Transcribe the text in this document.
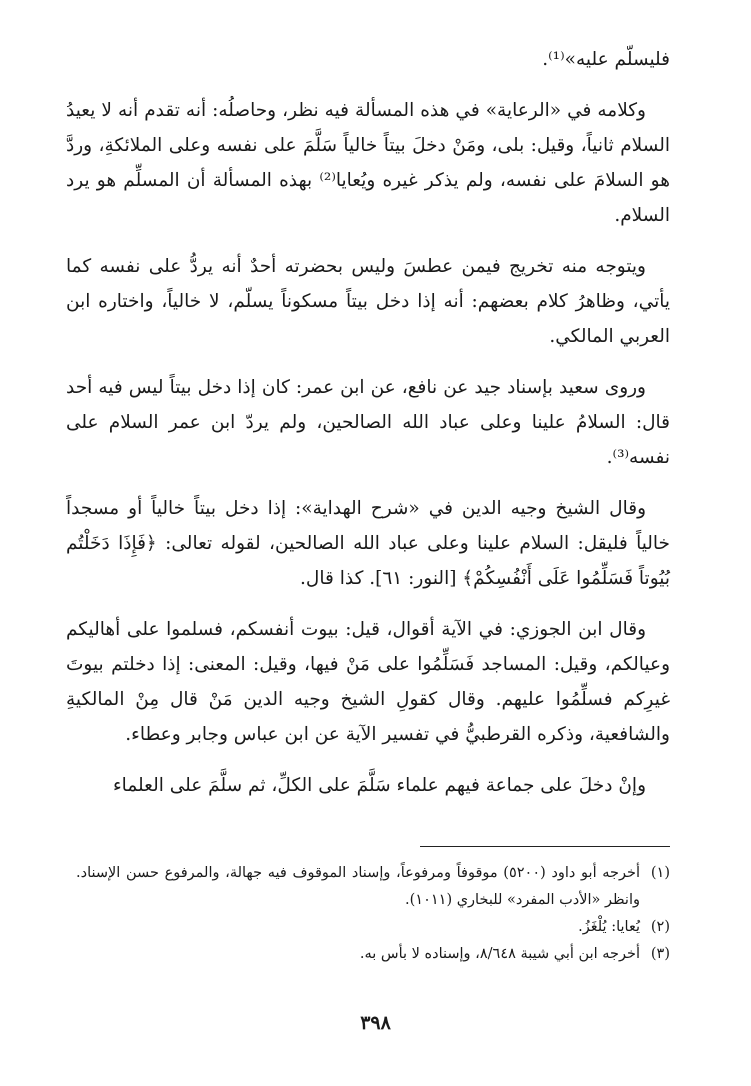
فليسلّم عليه»⁽¹⁾.

وكلامه في «الرعاية» في هذه المسألة فيه نظر، وحاصلُه: أنه تقدم أنه لا يعيدُ السلام ثانياً، وقيل: بلى، ومَنْ دخلَ بيتاً خالياً سَلَّمَ على نفسه وعلى الملائكةِ، وردَّ هو السلامَ على نفسه، ولم يذكر غيره ويُعايا⁽²⁾ بهذه المسألة أن المسلِّم هو يرد السلام.

ويتوجه منه تخريج فيمن عطسَ وليس بحضرته أحدٌ أنه يردُّ على نفسه كما يأتي، وظاهرُ كلام بعضهم: أنه إذا دخل بيتاً مسكوناً يسلّم، لا خالياً، واختاره ابن العربي المالكي.

وروى سعيد بإسناد جيد عن نافع، عن ابن عمر: كان إذا دخل بيتاً ليس فيه أحد قال: السلامُ علينا وعلى عباد الله الصالحين، ولم يردّ ابن عمر السلام على نفسه⁽³⁾.

وقال الشيخ وجيه الدين في «شرح الهداية»: إذا دخل بيتاً خالياً أو مسجداً خالياً فليقل: السلام علينا وعلى عباد الله الصالحين، لقوله تعالى: ﴿فَإِذَا دَخَلْتُم بُيُوتاً فَسَلِّمُوا عَلَى أَنْفُسِكُمْ﴾ [النور: ٦١]. كذا قال.

وقال ابن الجوزي: في الآية أقوال، قيل: بيوت أنفسكم، فسلموا على أهاليكم وعيالكم، وقيل: المساجد فَسَلِّمُوا على مَنْ فيها، وقيل: المعنى: إذا دخلتم بيوتَ غيرِكم فسلِّمُوا عليهم. وقال كقولِ الشيخ وجيه الدين مَنْ قال مِنْ المالكيةِ والشافعية، وذكره القرطبيُّ في تفسير الآية عن ابن عباس وجابر وعطاء.

وإنْ دخلَ على جماعة فيهم علماء سَلَّمَ على الكلِّ، ثم سلَّمَ على العلماء

(١)
أخرجه أبو داود (٥٢٠٠) موقوفاً ومرفوعاً، وإسناد الموقوف فيه جهالة، والمرفوع حسن الإسناد. وانظر «الأدب المفرد» للبخاري (١٠١١).
(٢)
يُعايا: يُلْغَزُ.
(٣)
أخرجه ابن أبي شيبة ٨/٦٤٨، وإسناده لا بأس به.
٣٩٨
